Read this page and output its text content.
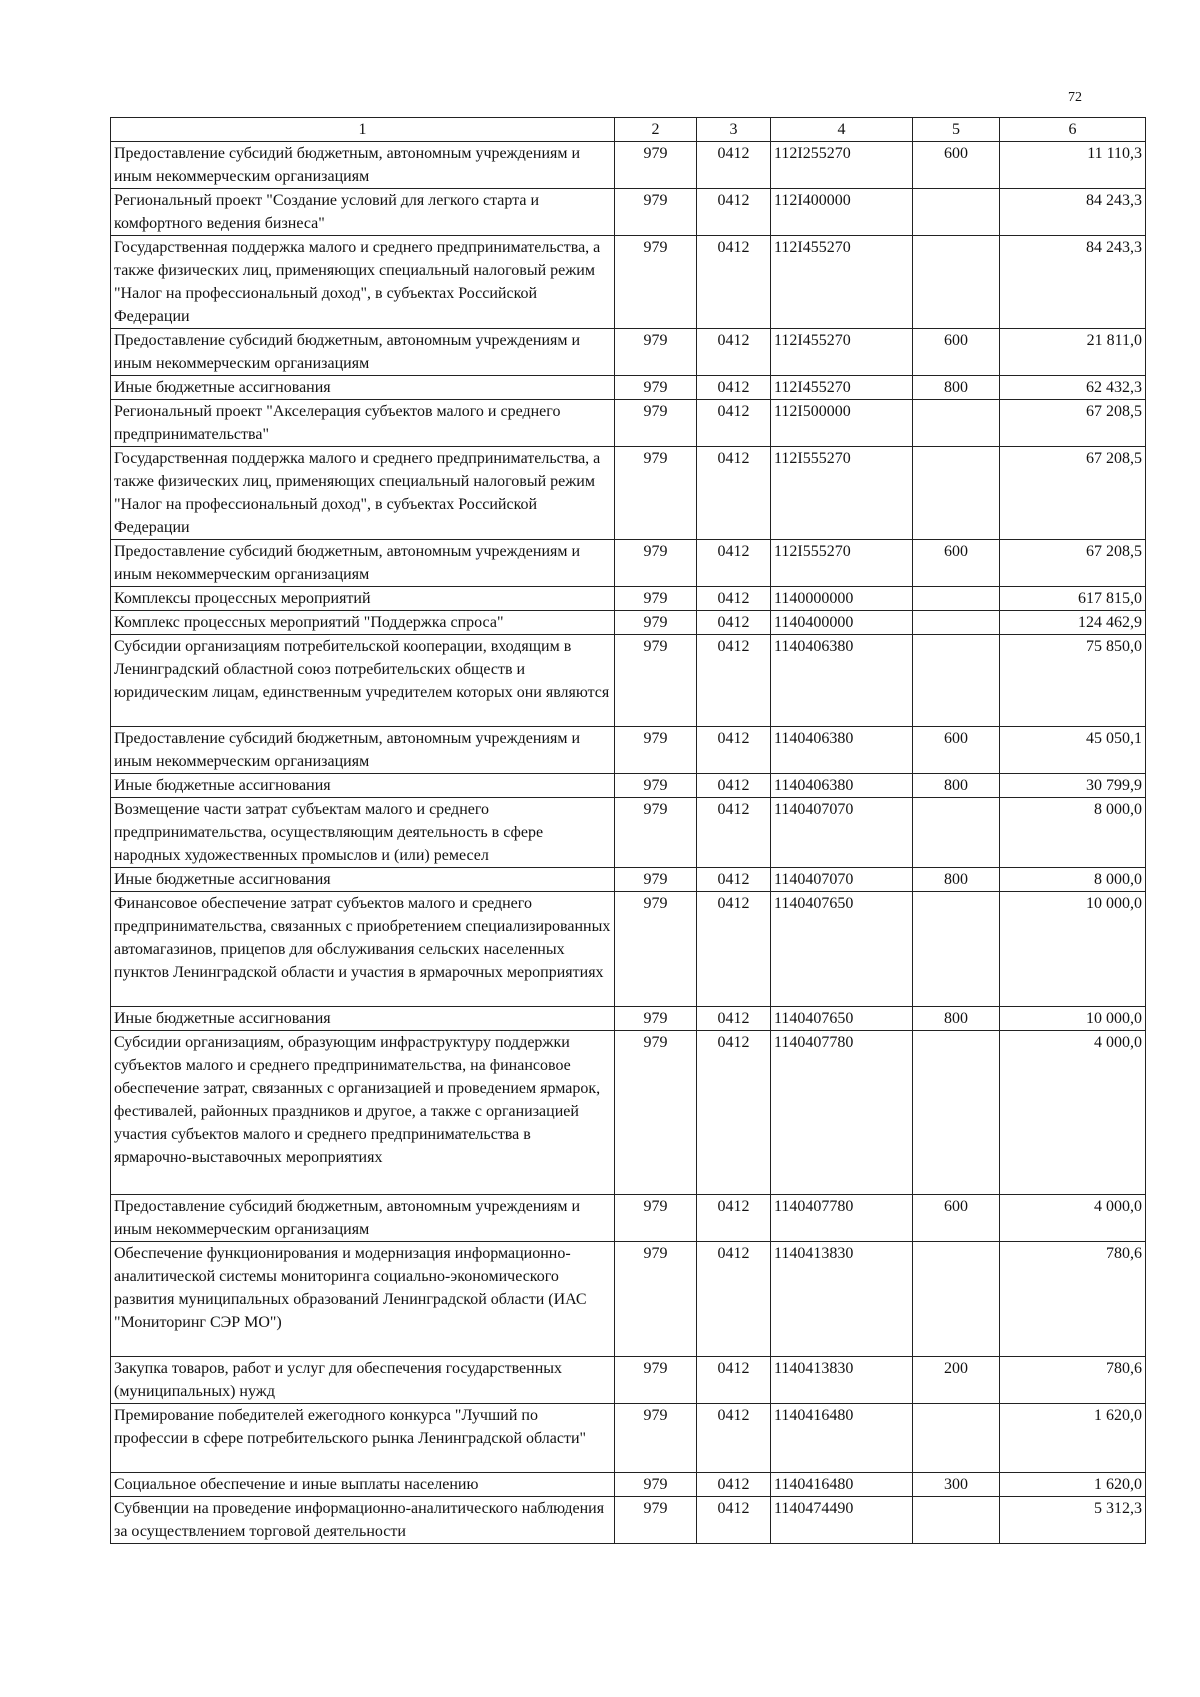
72
1	2	3	4	5	6
Предоставление субсидий бюджетным, автономным учреждениям и иным некоммерческим организациям	979	0412	112I255270	600	11 110,3
Региональный проект "Создание условий для легкого старта и комфортного ведения бизнеса"	979	0412	112I400000		84 243,3
Государственная поддержка малого и среднего предпринимательства, а также физических лиц, применяющих специальный налоговый режим "Налог на профессиональный доход", в субъектах Российской Федерации	979	0412	112I455270		84 243,3
Предоставление субсидий бюджетным, автономным учреждениям и иным некоммерческим организациям	979	0412	112I455270	600	21 811,0
Иные бюджетные ассигнования	979	0412	112I455270	800	62 432,3
Региональный проект "Акселерация субъектов малого и среднего предпринимательства"	979	0412	112I500000		67 208,5
Государственная поддержка малого и среднего предпринимательства, а также физических лиц, применяющих специальный налоговый режим "Налог на профессиональный доход", в субъектах Российской Федерации	979	0412	112I555270		67 208,5
Предоставление субсидий бюджетным, автономным учреждениям и иным некоммерческим организациям	979	0412	112I555270	600	67 208,5
Комплексы процессных мероприятий	979	0412	1140000000		617 815,0
Комплекс процессных мероприятий "Поддержка спроса"	979	0412	1140400000		124 462,9
Субсидии организациям потребительской кооперации, входящим в Ленинградский областной союз потребительских обществ и юридическим лицам, единственным учредителем которых они являются	979	0412	1140406380		75 850,0
Предоставление субсидий бюджетным, автономным учреждениям и иным некоммерческим организациям	979	0412	1140406380	600	45 050,1
Иные бюджетные ассигнования	979	0412	1140406380	800	30 799,9
Возмещение части затрат субъектам малого и среднего предпринимательства, осуществляющим деятельность в сфере народных художественных промыслов и (или) ремесел	979	0412	1140407070		8 000,0
Иные бюджетные ассигнования	979	0412	1140407070	800	8 000,0
Финансовое обеспечение затрат субъектов малого и среднего предпринимательства, связанных с приобретением специализированных автомагазинов, прицепов для обслуживания сельских населенных пунктов Ленинградской области и участия в ярмарочных мероприятиях	979	0412	1140407650		10 000,0
Иные бюджетные ассигнования	979	0412	1140407650	800	10 000,0
Субсидии организациям, образующим инфраструктуру поддержки субъектов малого и среднего предпринимательства, на финансовое обеспечение затрат, связанных с организацией и проведением ярмарок, фестивалей, районных праздников и другое, а также с организацией участия субъектов малого и среднего предпринимательства в ярмарочно-выставочных мероприятиях	979	0412	1140407780		4 000,0
Предоставление субсидий бюджетным, автономным учреждениям и иным некоммерческим организациям	979	0412	1140407780	600	4 000,0
Обеспечение функционирования и модернизация информационно-аналитической системы мониторинга социально-экономического развития муниципальных образований Ленинградской области (ИАС "Мониторинг СЭР МО")	979	0412	1140413830		780,6
Закупка товаров, работ и услуг для обеспечения государственных (муниципальных) нужд	979	0412	1140413830	200	780,6
Премирование победителей ежегодного конкурса "Лучший по профессии в сфере потребительского рынка Ленинградской области"	979	0412	1140416480		1 620,0
Социальное обеспечение и иные выплаты населению	979	0412	1140416480	300	1 620,0
Субвенции на проведение информационно-аналитического наблюдения за осуществлением торговой деятельности	979	0412	1140474490		5 312,3
